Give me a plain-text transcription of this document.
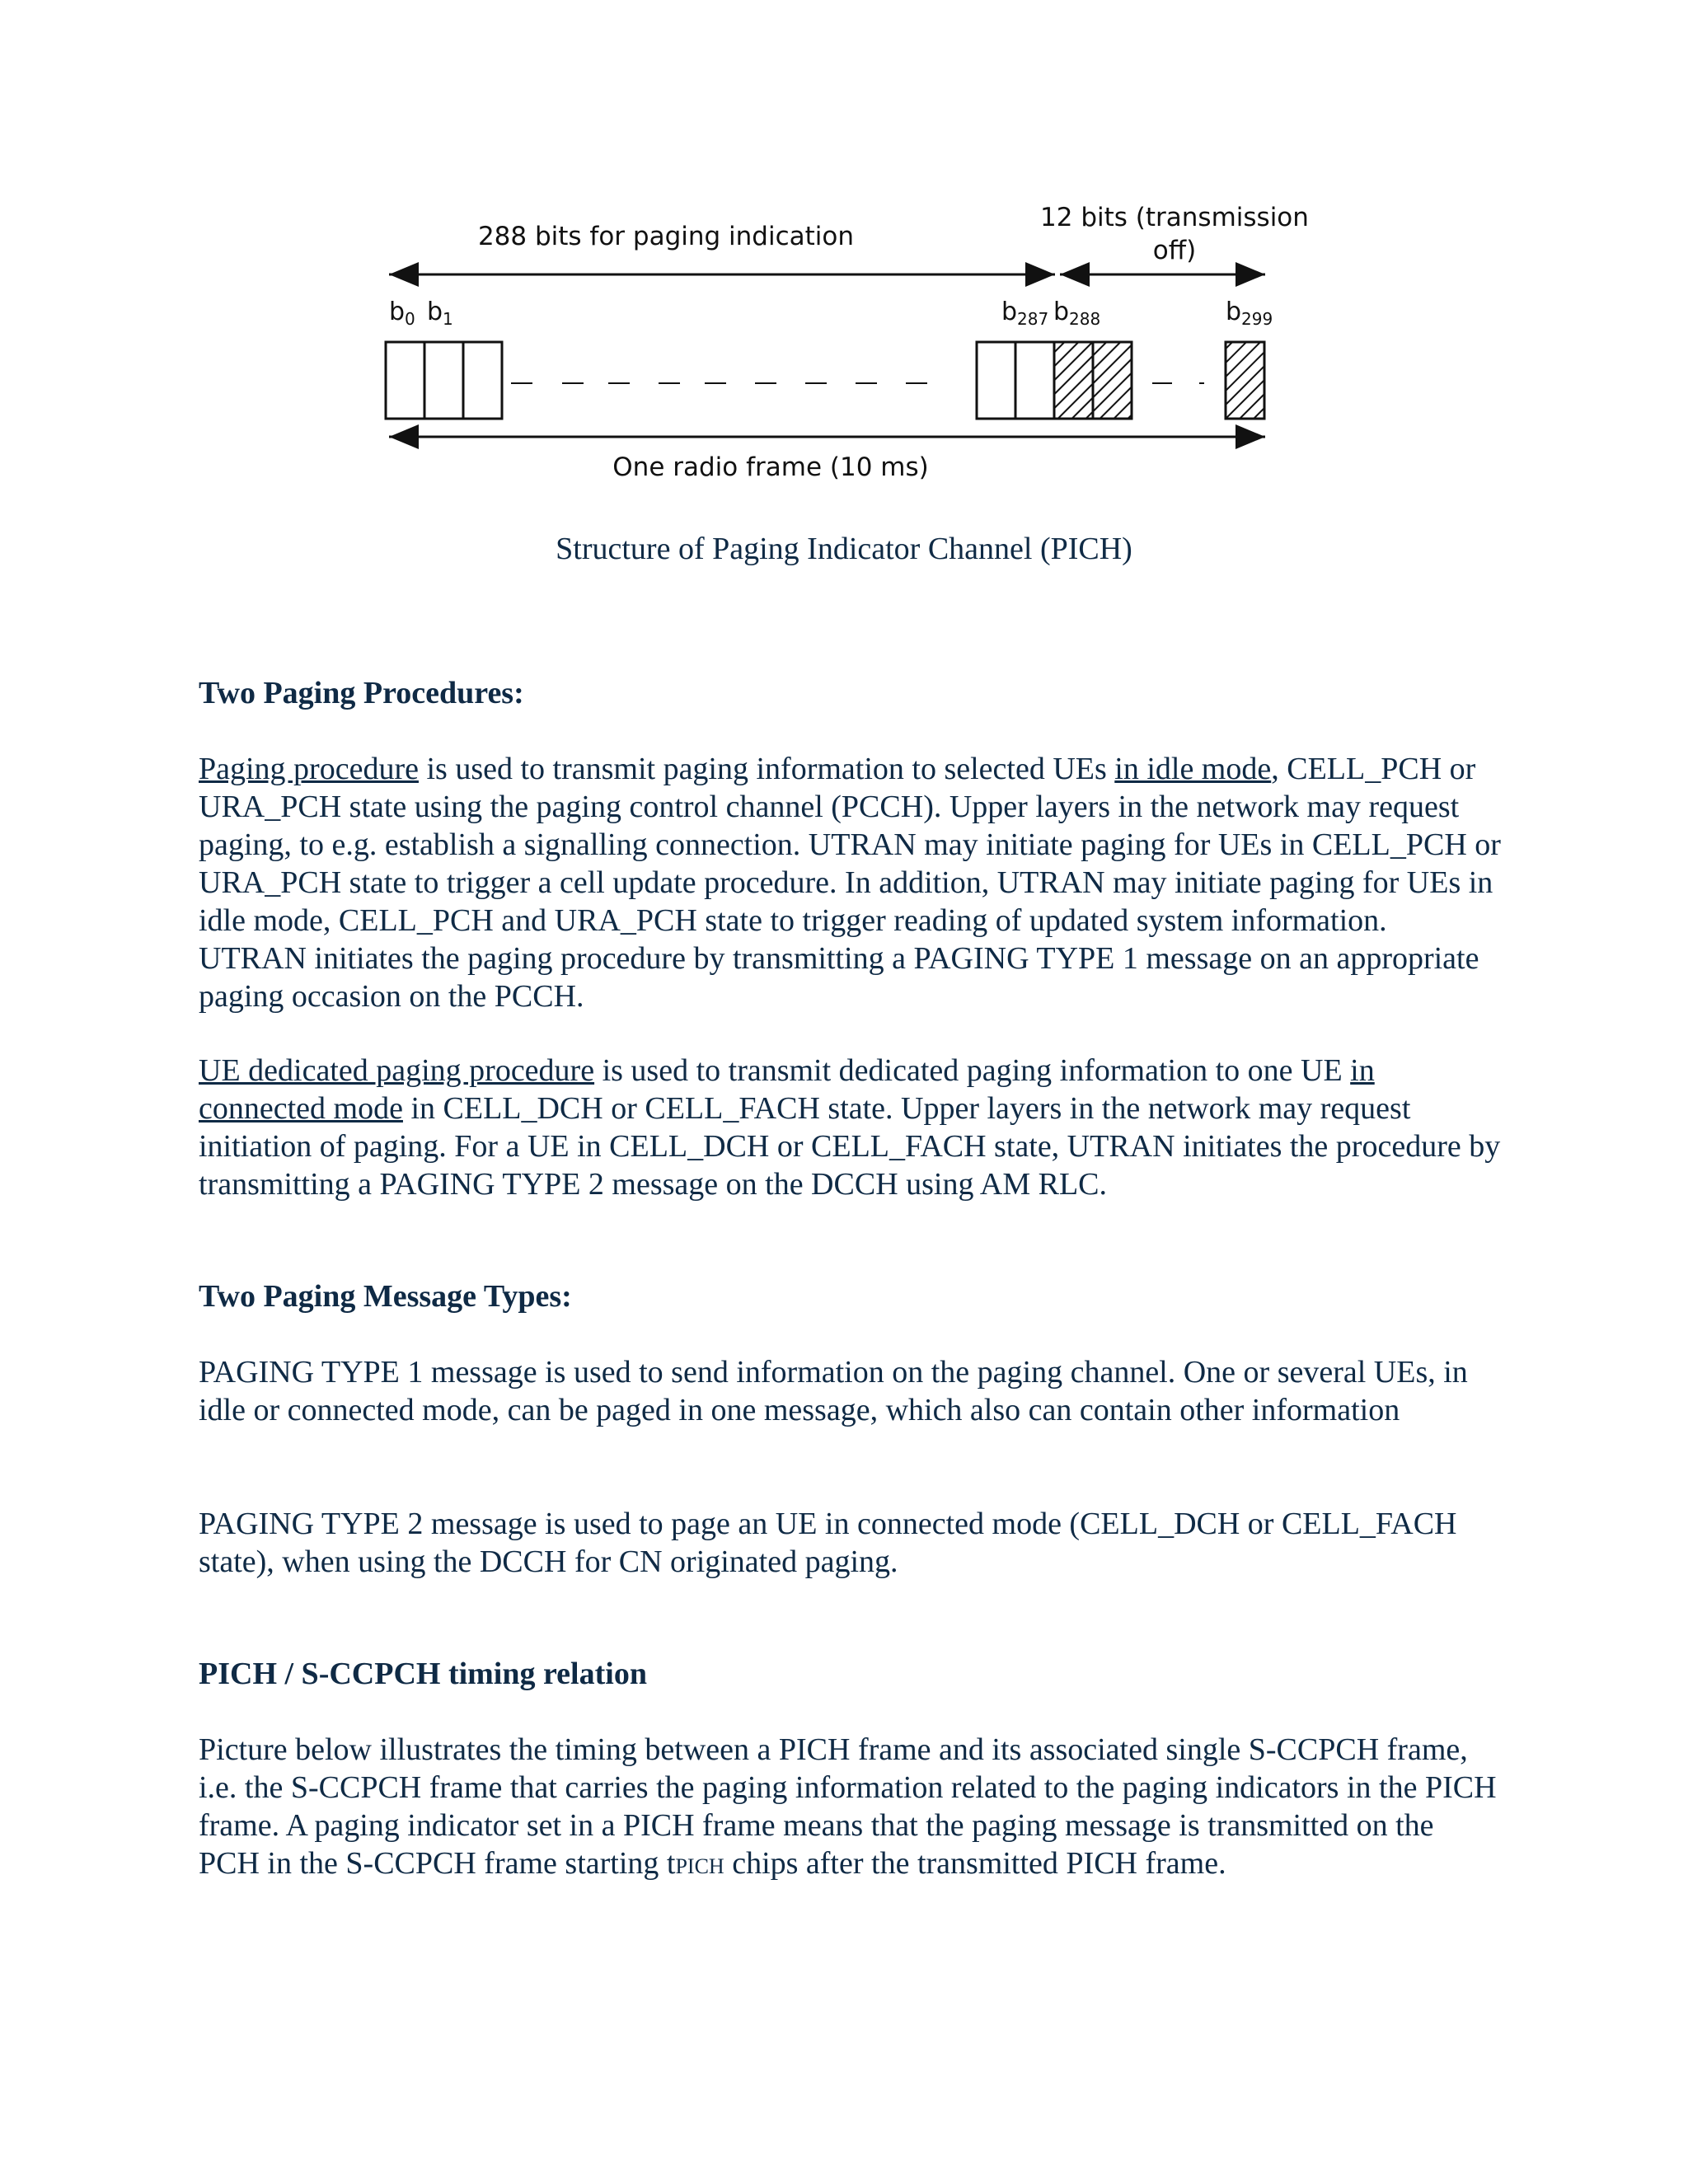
288 bits for paging indication
12 bits (transmission
off)
$b_0$ $b_1$	$b_{287}$ $b_{288}$	$b_{299}$
One radio frame (10 ms)

Structure of Paging Indicator Channel (PICH)

Two Paging Procedures:

Paging procedure is used to transmit paging information to selected UEs in idle mode, CELL_PCH or URA_PCH state using the paging control channel (PCCH). Upper layers in the network may request paging, to e.g. establish a signalling connection. UTRAN may initiate paging for UEs in CELL_PCH or URA_PCH state to trigger a cell update procedure. In addition, UTRAN may initiate paging for UEs in idle mode, CELL_PCH and URA_PCH state to trigger reading of updated system information. UTRAN initiates the paging procedure by transmitting a PAGING TYPE 1 message on an appropriate paging occasion on the PCCH.

UE dedicated paging procedure is used to transmit dedicated paging information to one UE in connected mode in CELL_DCH or CELL_FACH state. Upper layers in the network may request initiation of paging. For a UE in CELL_DCH or CELL_FACH state, UTRAN initiates the procedure by transmitting a PAGING TYPE 2 message on the DCCH using AM RLC.

Two Paging Message Types:

PAGING TYPE 1 message is used to send information on the paging channel. One or several UEs, in idle or connected mode, can be paged in one message, which also can contain other information

PAGING TYPE 2 message is used to page an UE in connected mode (CELL_DCH or CELL_FACH state), when using the DCCH for CN originated paging.

PICH / S-CCPCH timing relation

Picture below illustrates the timing between a PICH frame and its associated single S-CCPCH frame, i.e. the S-CCPCH frame that carries the paging information related to the paging indicators in the PICH frame. A paging indicator set in a PICH frame means that the paging message is transmitted on the PCH in the S-CCPCH frame starting tPICH chips after the transmitted PICH frame.
